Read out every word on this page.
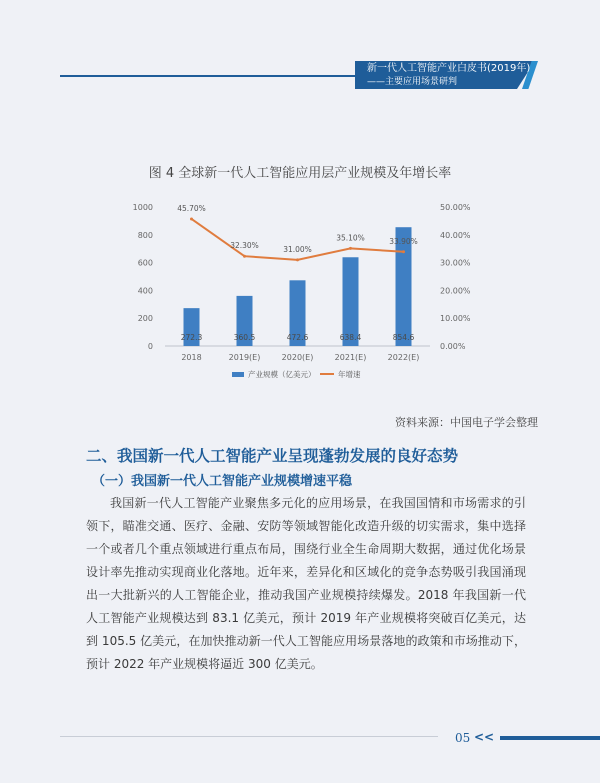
新一代人工智能产业白皮书(2019年)
——主要应用场景研判
图 4 全球新一代人工智能应用层产业规模及年增长率
0
200
400
600
800
1000
0.00%
10.00%
20.00%
30.00%
40.00%
50.00%
272.3	360.5	472.6	638.4	854.6
45.70%
32.30%	31.00%
35.10%	33.90%
2018	2019(E)	2020(E)	2021(E)	2022(E)
产业规模（亿美元）	年增速
资料来源：中国电子学会整理
二、我国新一代人工智能产业呈现蓬勃发展的良好态势
（一）我国新一代人工智能产业规模增速平稳
我国新一代人工智能产业聚焦多元化的应用场景，在我国国情和市场需求的引领下，瞄准交通、医疗、金融、安防等领域智能化改造升级的切实需求，集中选择一个或者几个重点领域进行重点布局，围绕行业全生命周期大数据，通过优化场景设计率先推动实现商业化落地。近年来，差异化和区域化的竞争态势吸引我国涌现出一大批新兴的人工智能企业，推动我国产业规模持续爆发。2018 年我国新一代人工智能产业规模达到 83.1 亿美元，预计 2019 年产业规模将突破百亿美元，达到 105.5 亿美元，在加快推动新一代人工智能应用场景落地的政策和市场推动下，预计 2022 年产业规模将逼近 300 亿美元。
05 <<
